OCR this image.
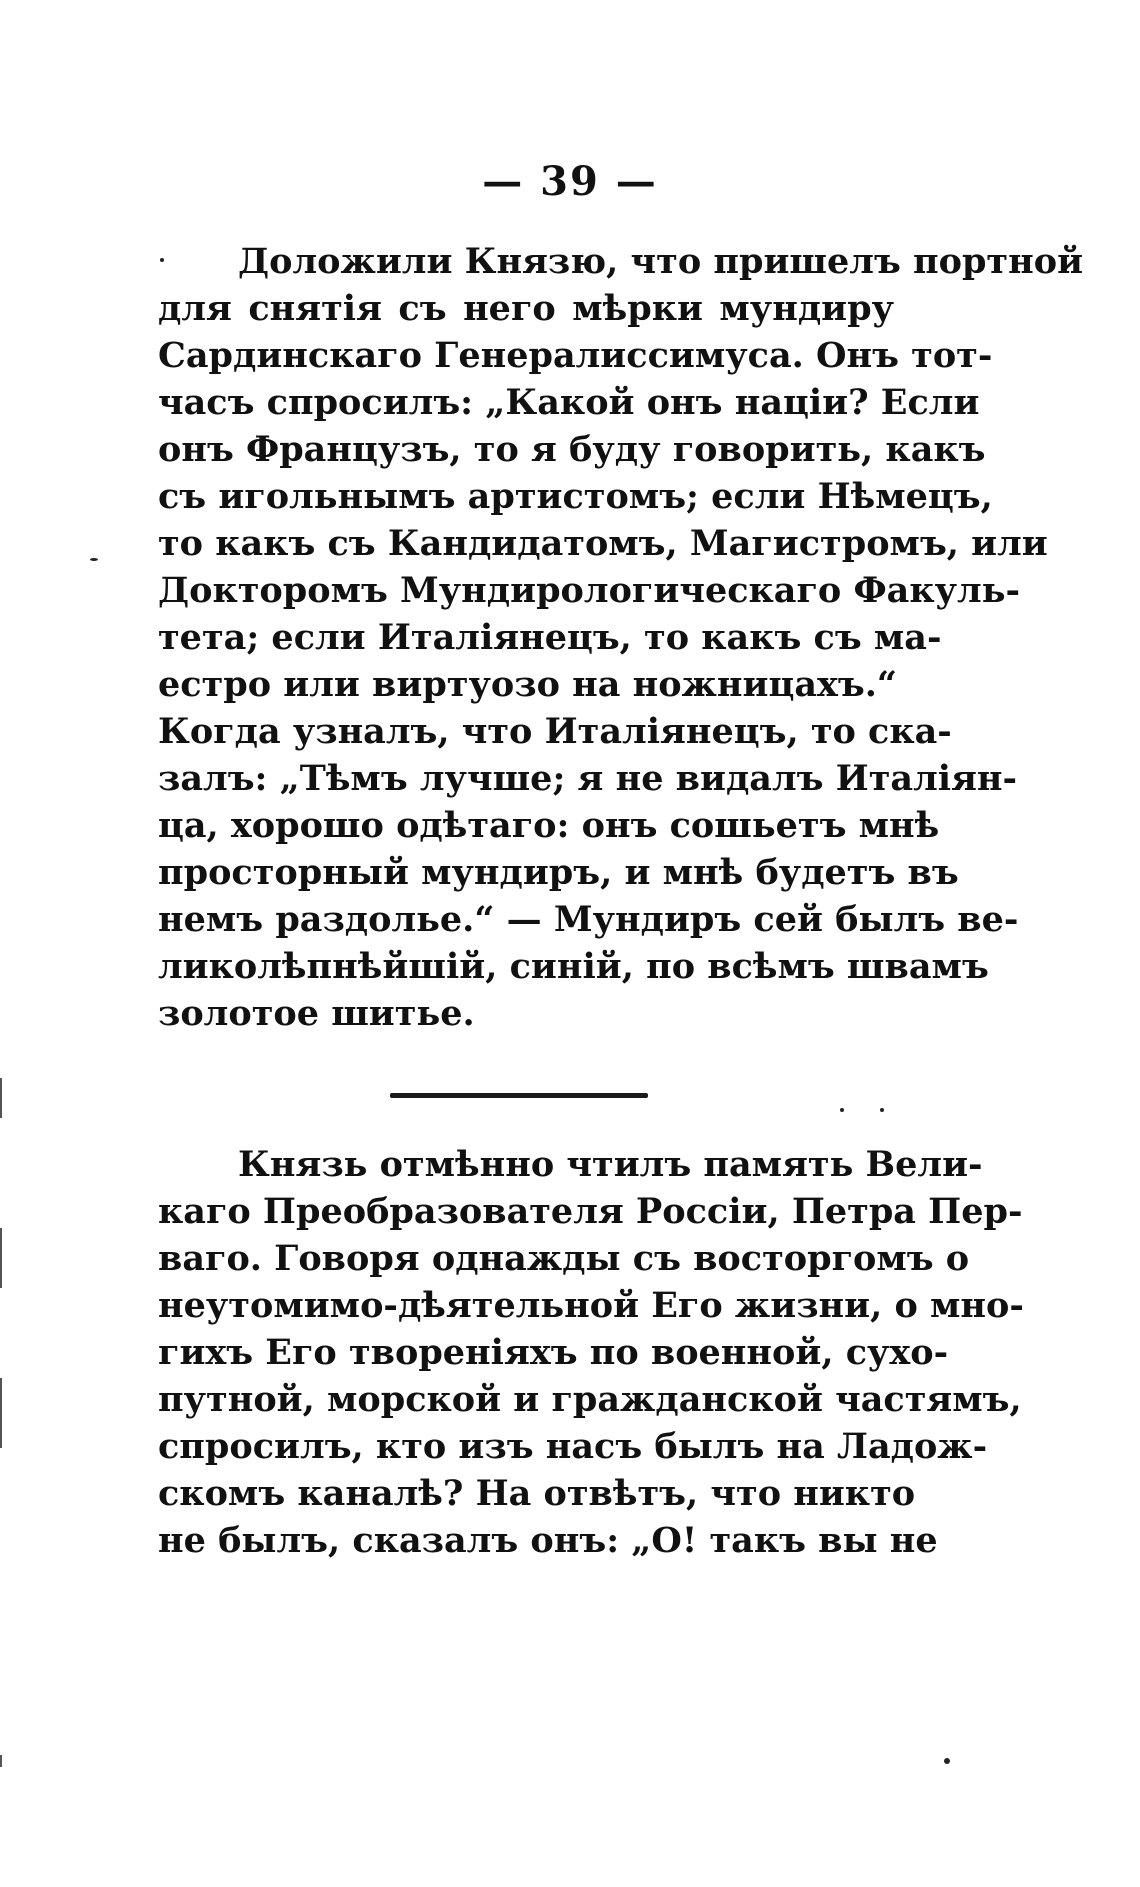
— 39 —
Доложили Князю, что пришелъ портной
для снятія съ него мѣрки мундиру
Сардинскаго Генералиссимуса. Онъ тот-
часъ спросилъ: „Какой онъ націи? Если
онъ Французъ, то я буду говорить, какъ
съ игольнымъ артистомъ; если Нѣмецъ,
то какъ съ Кандидатомъ, Магистромъ, или
Докторомъ Мундирологическаго Факуль-
тета; если Италіянецъ, то какъ съ ма-
естро или виртуозо на ножницахъ.“
Когда узналъ, что Италіянецъ, то ска-
залъ: „Тѣмъ лучше; я не видалъ Италіян-
ца, хорошо одѣтаго: онъ сошьетъ мнѣ
просторный мундиръ, и мнѣ будетъ въ
немъ раздолье.“ — Мундиръ сей былъ ве-
ликолѣпнѣйшій, синій, по всѣмъ швамъ
золотое шитье.
Князь отмѣнно чтилъ память Вели-
каго Преобразователя Россіи, Петра Пер-
ваго. Говоря однажды съ восторгомъ о
неутомимо-дѣятельной Его жизни, о мно-
гихъ Его твореніяхъ по военной, сухо-
путной, морской и гражданской частямъ,
спросилъ, кто изъ насъ былъ на Ладож-
скомъ каналѣ? На отвѣтъ, что никто
не былъ, сказалъ онъ: „О! такъ вы не
